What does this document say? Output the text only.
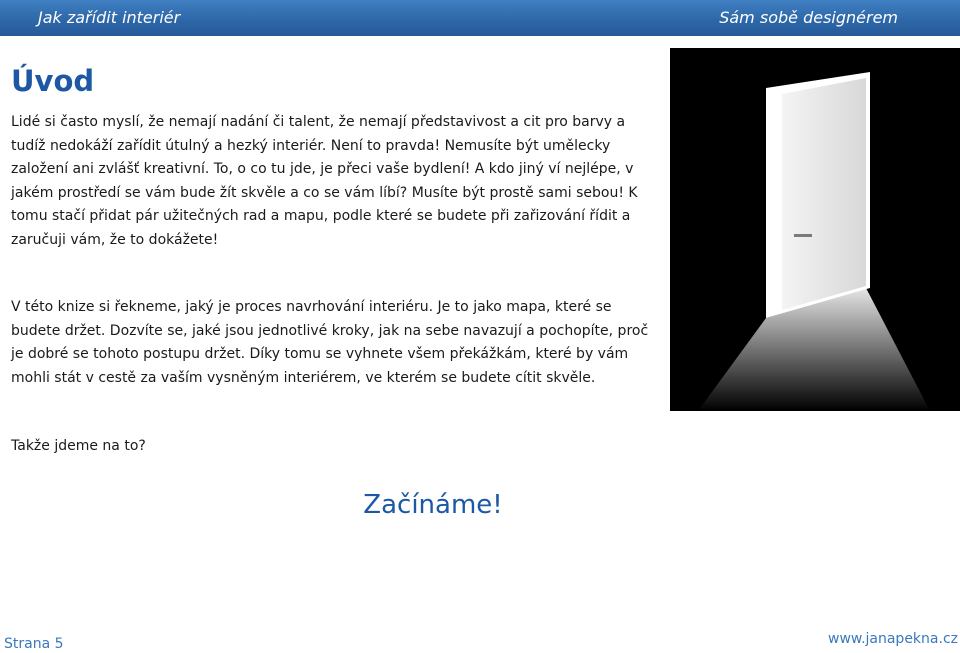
Jak zařídit interiér	Sám sobě designérem
Úvod

Lidé si často myslí, že nemají nadání či talent, že nemají představivost a cit pro barvy a tudíž nedokáží zařídit útulný a hezký interiér. Není to pravda! Nemusíte být umělecky založení ani zvlášť kreativní. To, o co tu jde, je přeci vaše bydlení! A kdo jiný ví nejlépe, v jakém prostředí se vám bude žít skvěle a co se vám líbí? Musíte být prostě sami sebou! K tomu stačí přidat pár užitečných rad a mapu, podle které se budete při zařizování řídit a zaručuji vám, že to dokážete!

V této knize si řekneme, jaký je proces navrhování interiéru. Je to jako mapa, které se budete držet. Dozvíte se, jaké jsou jednotlivé kroky, jak na sebe navazují a pochopíte, proč je dobré se tohoto postupu držet. Díky tomu se vyhnete všem překážkám, které by vám mohli stát v cestě za vaším vysněným interiérem, ve kterém se budete cítit skvěle.

Takže jdeme na to?

Začínáme!
Strana 5	www.janapekna.cz
